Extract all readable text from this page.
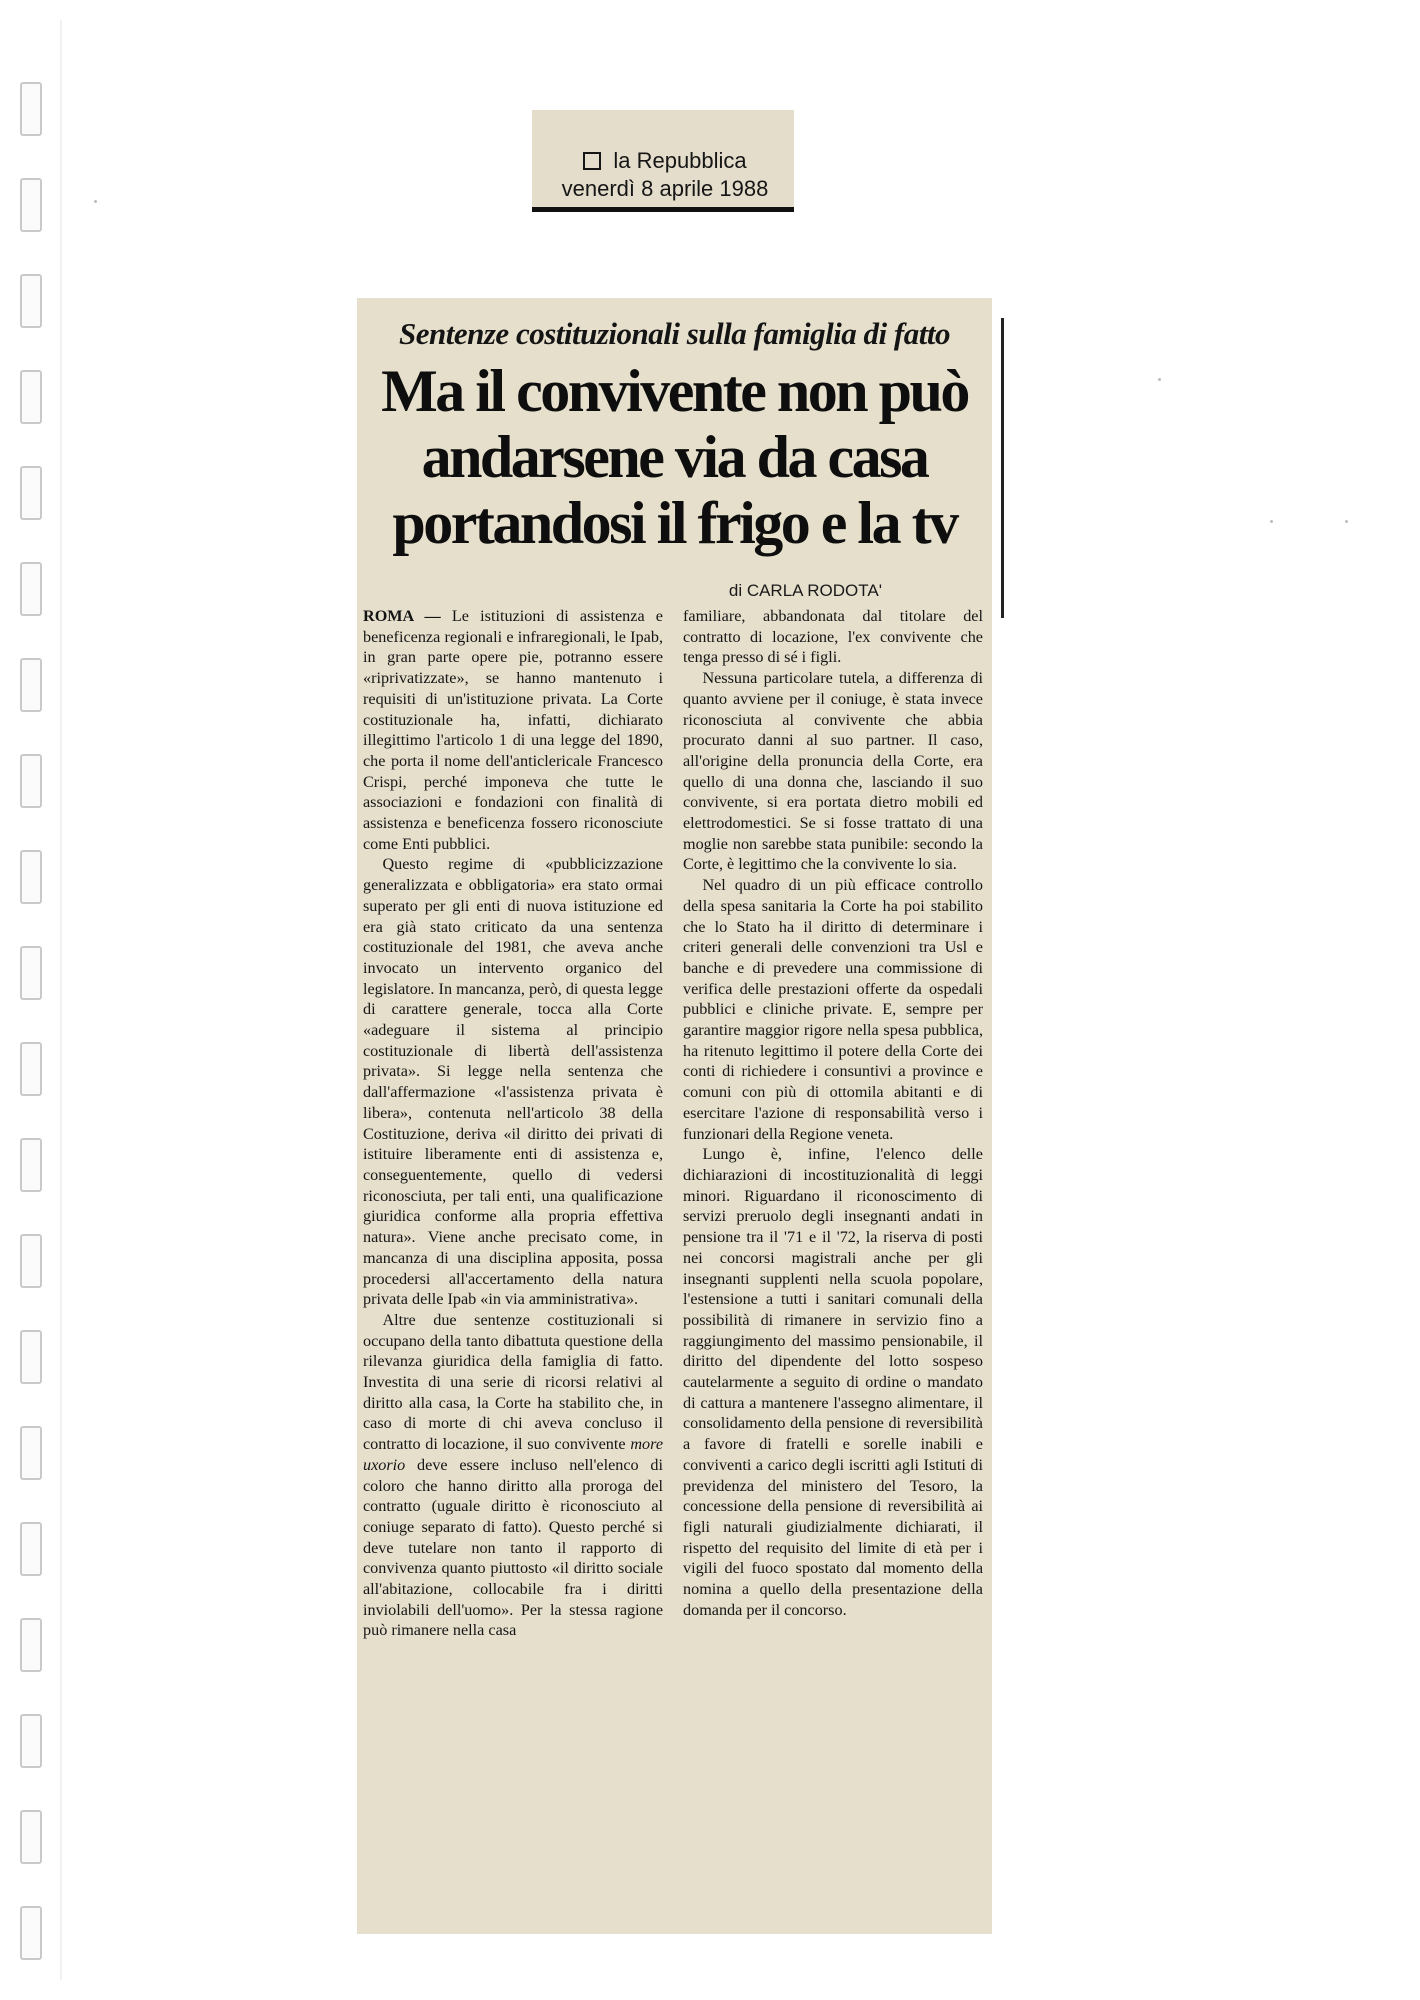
la Repubblica
venerdì 8 aprile 1988
Sentenze costituzionali sulla famiglia di fatto
Ma il convivente non può andarsene via da casa portandosi il frigo e la tv
di CARLA RODOTA'

ROMA — Le istituzioni di assistenza e beneficenza regionali e infraregionali, le Ipab, in gran parte opere pie, potranno essere «riprivatizzate», se hanno mantenuto i requisiti di un'istituzione privata. La Corte costituzionale ha, infatti, dichiarato illegittimo l'articolo 1 di una legge del 1890, che porta il nome dell'anticlericale Francesco Crispi, perché imponeva che tutte le associazioni e fondazioni con finalità di assistenza e beneficenza fossero riconosciute come Enti pubblici.

Questo regime di «pubblicizzazione generalizzata e obbligatoria» era stato ormai superato per gli enti di nuova istituzione ed era già stato criticato da una sentenza costituzionale del 1981, che aveva anche invocato un intervento organico del legislatore. In mancanza, però, di questa legge di carattere generale, tocca alla Corte «adeguare il sistema al principio costituzionale di libertà dell'assistenza privata». Si legge nella sentenza che dall'affermazione «l'assistenza privata è libera», contenuta nell'articolo 38 della Costituzione, deriva «il diritto dei privati di istituire liberamente enti di assistenza e, conseguentemente, quello di vedersi riconosciuta, per tali enti, una qualificazione giuridica conforme alla propria effettiva natura». Viene anche precisato come, in mancanza di una disciplina apposita, possa procedersi all'accertamento della natura privata delle Ipab «in via amministrativa».

Altre due sentenze costituzionali si occupano della tanto dibattuta questione della rilevanza giuridica della famiglia di fatto. Investita di una serie di ricorsi relativi al diritto alla casa, la Corte ha stabilito che, in caso di morte di chi aveva concluso il contratto di locazione, il suo convivente more uxorio deve essere incluso nell'elenco di coloro che hanno diritto alla proroga del contratto (uguale diritto è riconosciuto al coniuge separato di fatto). Questo perché si deve tutelare non tanto il rapporto di convivenza quanto piuttosto «il diritto sociale all'abitazione, collocabile fra i diritti inviolabili dell'uomo». Per la stessa ragione può rimanere nella casa

familiare, abbandonata dal titolare del contratto di locazione, l'ex convivente che tenga presso di sé i figli.

Nessuna particolare tutela, a differenza di quanto avviene per il coniuge, è stata invece riconosciuta al convivente che abbia procurato danni al suo partner. Il caso, all'origine della pronuncia della Corte, era quello di una donna che, lasciando il suo convivente, si era portata dietro mobili ed elettrodomestici. Se si fosse trattato di una moglie non sarebbe stata punibile: secondo la Corte, è legittimo che la convivente lo sia.

Nel quadro di un più efficace controllo della spesa sanitaria la Corte ha poi stabilito che lo Stato ha il diritto di determinare i criteri generali delle convenzioni tra Usl e banche e di prevedere una commissione di verifica delle prestazioni offerte da ospedali pubblici e cliniche private. E, sempre per garantire maggior rigore nella spesa pubblica, ha ritenuto legittimo il potere della Corte dei conti di richiedere i consuntivi a province e comuni con più di ottomila abitanti e di esercitare l'azione di responsabilità verso i funzionari della Regione veneta.

Lungo è, infine, l'elenco delle dichiarazioni di incostituzionalità di leggi minori. Riguardano il riconoscimento di servizi preruolo degli insegnanti andati in pensione tra il '71 e il '72, la riserva di posti nei concorsi magistrali anche per gli insegnanti supplenti nella scuola popolare, l'estensione a tutti i sanitari comunali della possibilità di rimanere in servizio fino a raggiungimento del massimo pensionabile, il diritto del dipendente del lotto sospeso cautelarmente a seguito di ordine o mandato di cattura a mantenere l'assegno alimentare, il consolidamento della pensione di reversibilità a favore di fratelli e sorelle inabili e conviventi a carico degli iscritti agli Istituti di previdenza del ministero del Tesoro, la concessione della pensione di reversibilità ai figli naturali giudizialmente dichiarati, il rispetto del requisito del limite di età per i vigili del fuoco spostato dal momento della nomina a quello della presentazione della domanda per il concorso.
